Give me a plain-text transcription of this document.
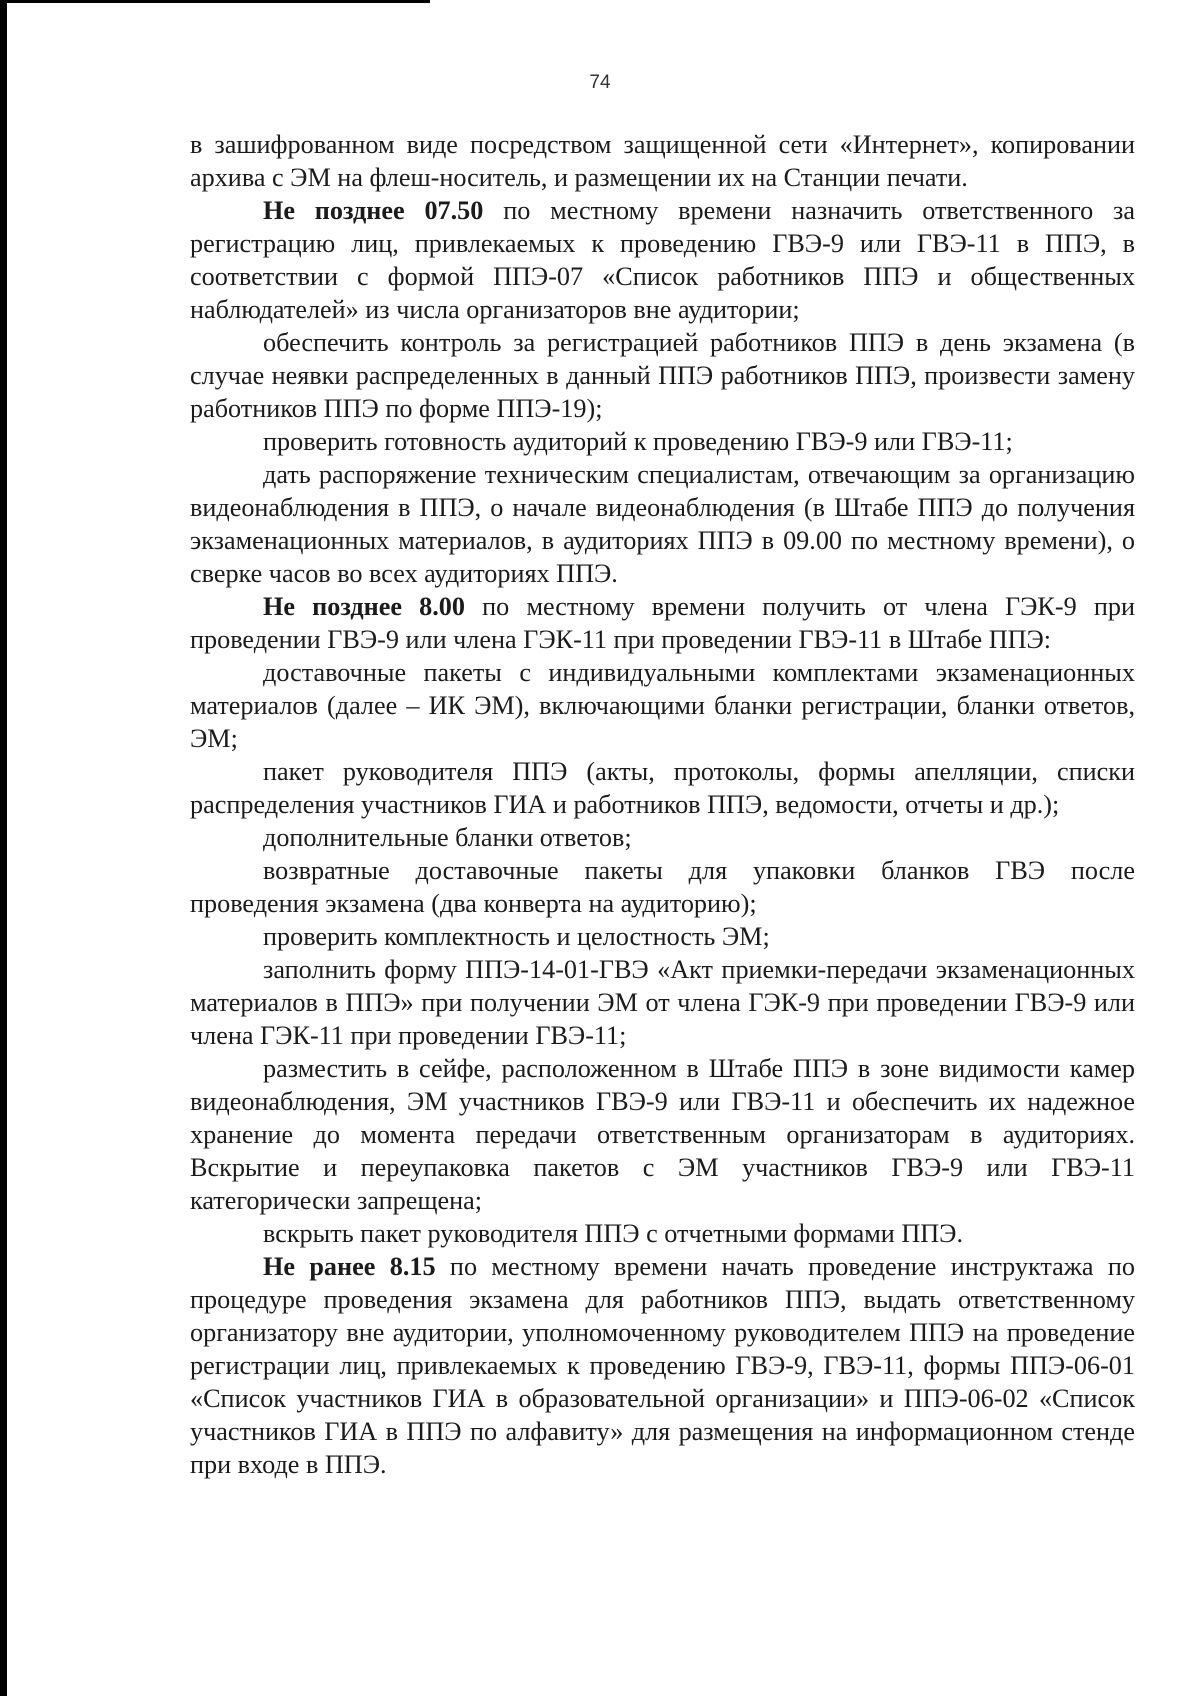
74

в зашифрованном виде посредством защищенной сети «Интернет», копировании архива с ЭМ на флеш-носитель, и размещении их на Станции печати.

Не позднее 07.50 по местному времени назначить ответственного за регистрацию лиц, привлекаемых к проведению ГВЭ-9 или ГВЭ-11 в ППЭ, в соответствии с формой ППЭ-07 «Список работников ППЭ и общественных наблюдателей» из числа организаторов вне аудитории;

обеспечить контроль за регистрацией работников ППЭ в день экзамена (в случае неявки распределенных в данный ППЭ работников ППЭ, произвести замену работников ППЭ по форме ППЭ-19);

проверить готовность аудиторий к проведению ГВЭ-9 или ГВЭ-11;

дать распоряжение техническим специалистам, отвечающим за организацию видеонаблюдения в ППЭ, о начале видеонаблюдения (в Штабе ППЭ до получения экзаменационных материалов, в аудиториях ППЭ в 09.00 по местному времени), о сверке часов во всех аудиториях ППЭ.

Не позднее 8.00 по местному времени получить от члена ГЭК-9 при проведении ГВЭ-9 или члена ГЭК-11 при проведении ГВЭ-11 в Штабе ППЭ:

доставочные пакеты с индивидуальными комплектами экзаменационных материалов (далее – ИК ЭМ), включающими бланки регистрации, бланки ответов, ЭМ;

пакет руководителя ППЭ (акты, протоколы, формы апелляции, списки распределения участников ГИА и работников ППЭ, ведомости, отчеты и др.);

дополнительные бланки ответов;

возвратные доставочные пакеты для упаковки бланков ГВЭ после проведения экзамена (два конверта на аудиторию);

проверить комплектность и целостность ЭМ;

заполнить форму ППЭ-14-01-ГВЭ «Акт приемки-передачи экзаменационных материалов в ППЭ» при получении ЭМ от члена ГЭК-9 при проведении ГВЭ-9 или члена ГЭК-11 при проведении ГВЭ-11;

разместить в сейфе, расположенном в Штабе ППЭ в зоне видимости камер видеонаблюдения, ЭМ участников ГВЭ-9 или ГВЭ-11 и обеспечить их надежное хранение до момента передачи ответственным организаторам в аудиториях. Вскрытие и переупаковка пакетов с ЭМ участников ГВЭ-9 или ГВЭ-11 категорически запрещена;

вскрыть пакет руководителя ППЭ с отчетными формами ППЭ.

Не ранее 8.15 по местному времени начать проведение инструктажа по процедуре проведения экзамена для работников ППЭ, выдать ответственному организатору вне аудитории, уполномоченному руководителем ППЭ на проведение регистрации лиц, привлекаемых к проведению ГВЭ-9, ГВЭ-11, формы ППЭ-06-01 «Список участников ГИА в образовательной организации» и ППЭ-06-02 «Список участников ГИА в ППЭ по алфавиту» для размещения на информационном стенде при входе в ППЭ.
